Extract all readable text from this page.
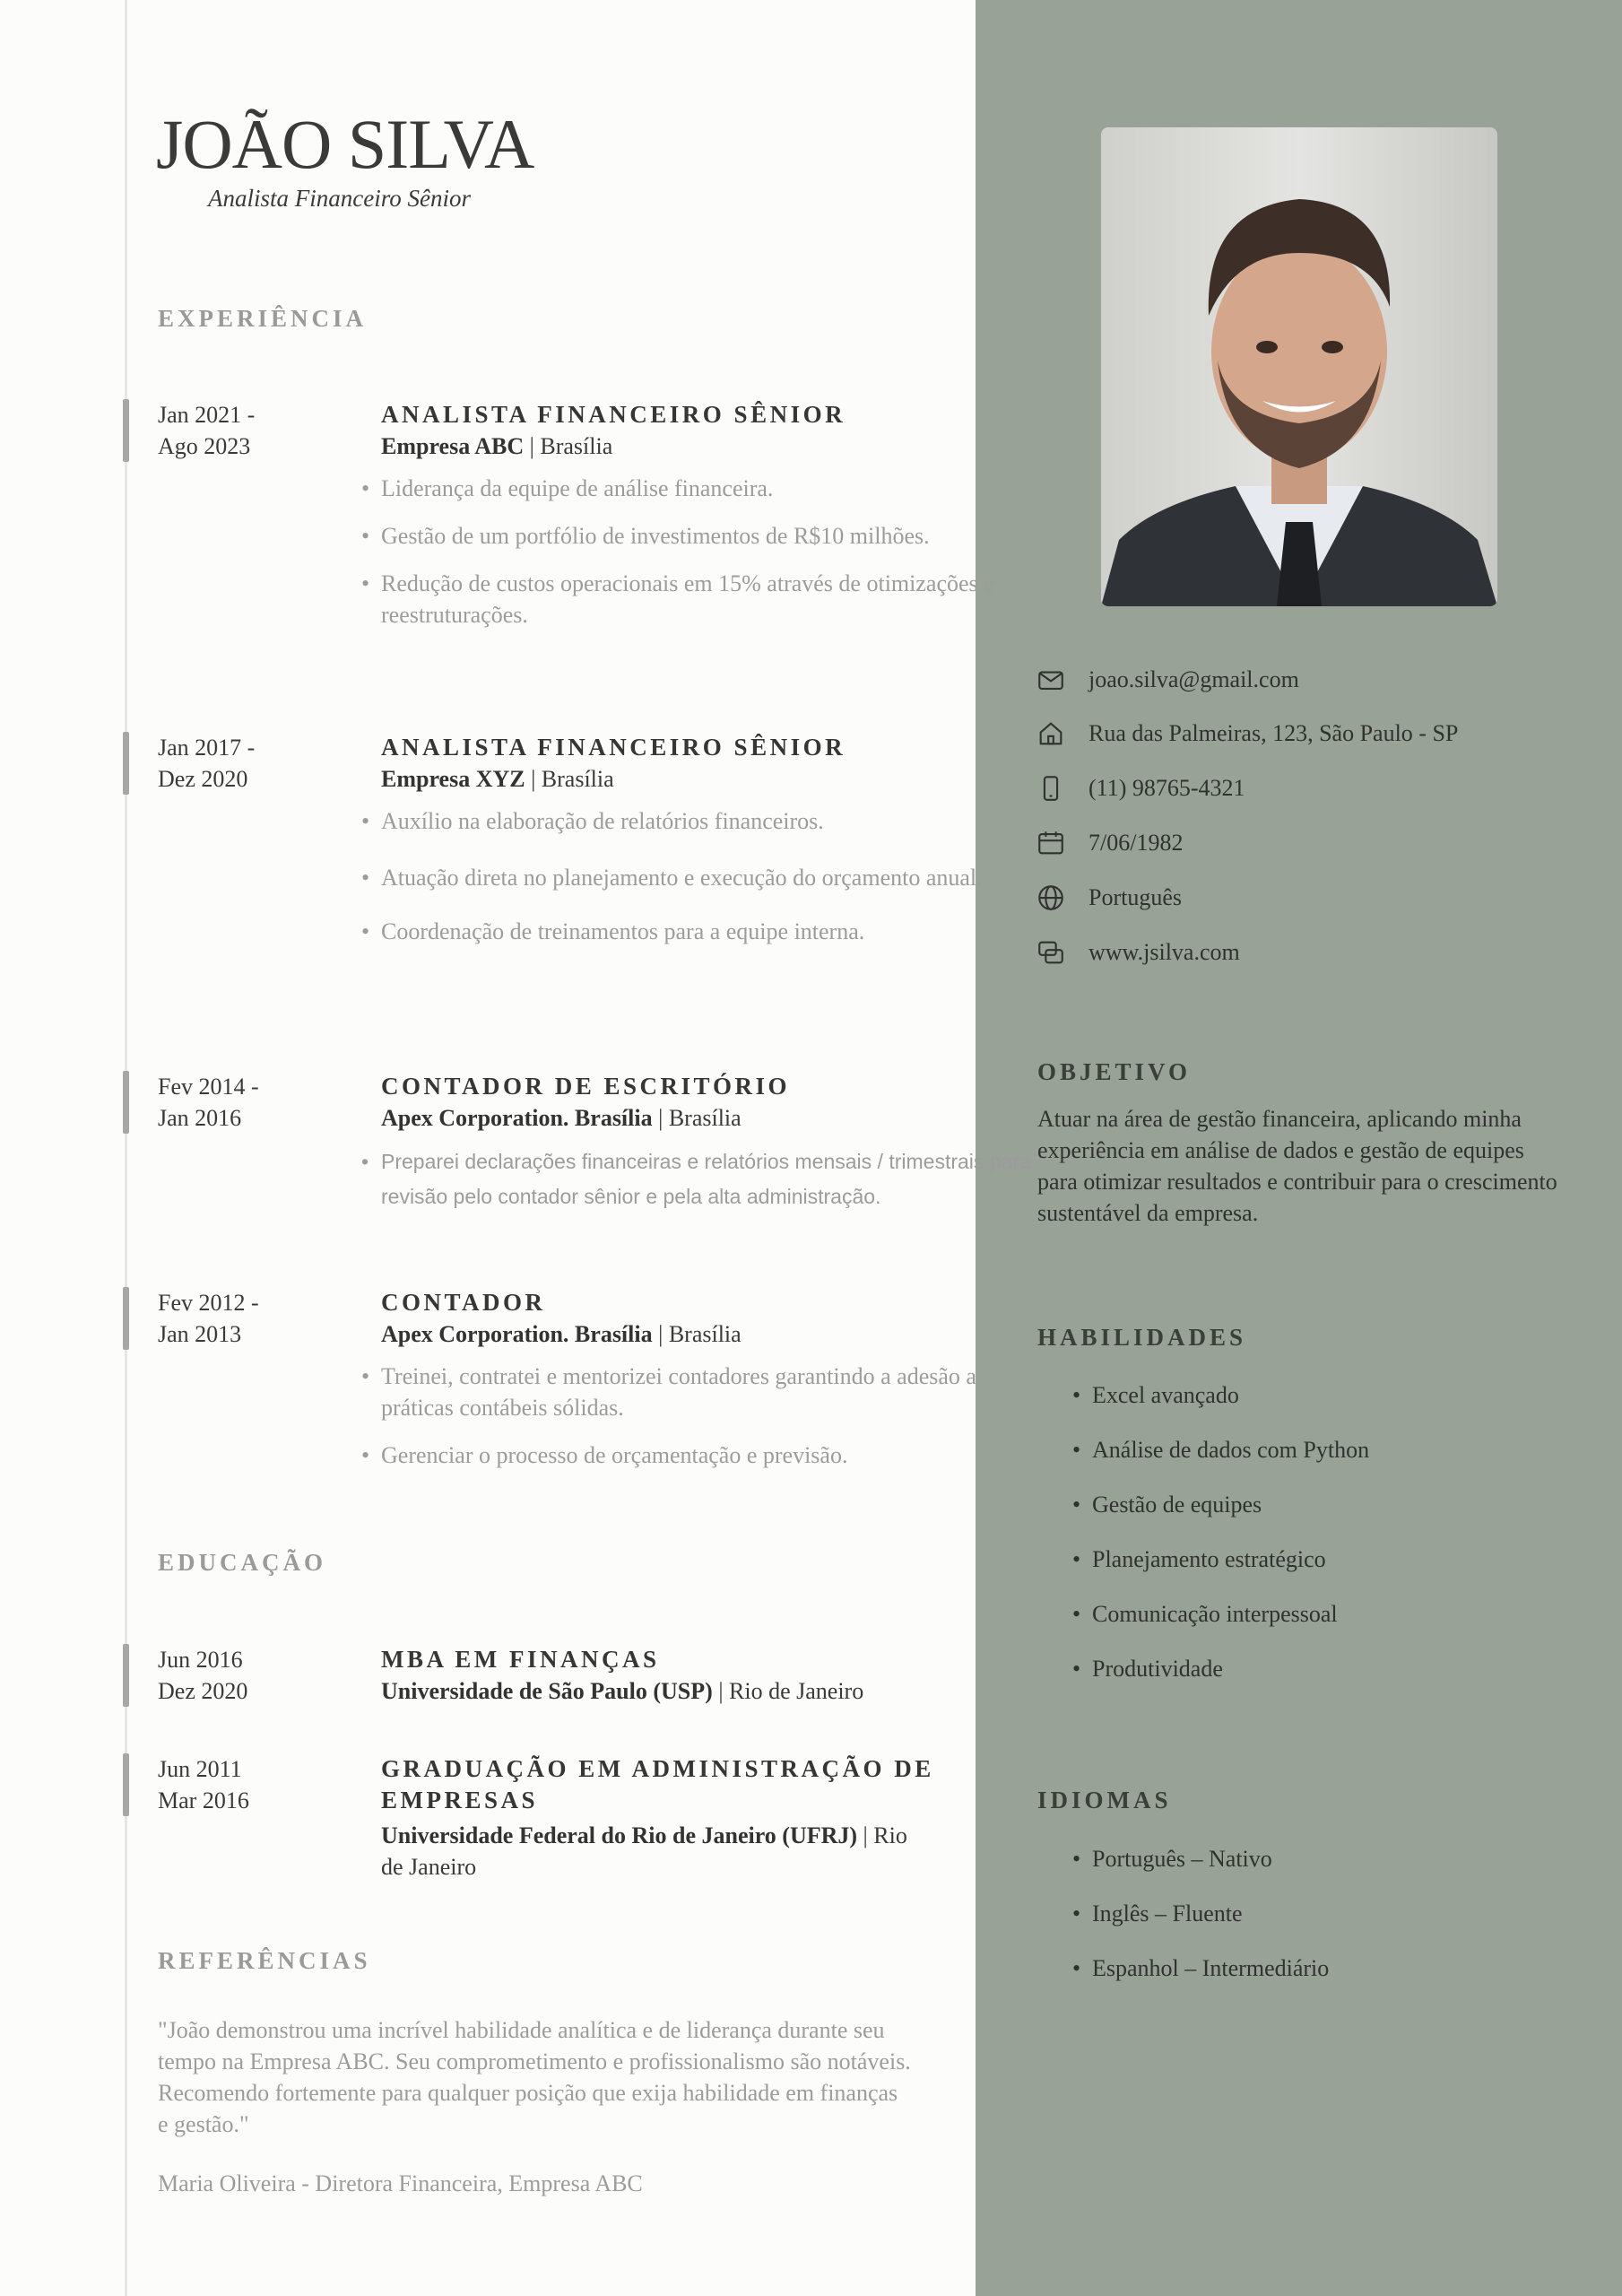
JOÃO SILVA

Analista Financeiro Sênior

EXPERIÊNCIA
Jan 2021 -
Ago 2023
ANALISTA FINANCEIRO SÊNIOR
Empresa ABC | Brasília
• Liderança da equipe de análise financeira.
• Gestão de um portfólio de investimentos de R$10 milhões.
• Redução de custos operacionais em 15% através de otimizações e reestruturações.
Jan 2017 -
Dez 2020
ANALISTA FINANCEIRO SÊNIOR
Empresa XYZ | Brasília
• Auxílio na elaboração de relatórios financeiros.
• Atuação direta no planejamento e execução do orçamento anual.
• Coordenação de treinamentos para a equipe interna.
Fev 2014 -
Jan 2016
CONTADOR DE ESCRITÓRIO
Apex Corporation. Brasília | Brasília
• Preparei declarações financeiras e relatórios mensais / trimestrais para revisão pelo contador sênior e pela alta administração.
Fev 2012 -
Jan 2013
CONTADOR
Apex Corporation. Brasília | Brasília
• Treinei, contratei e mentorizei contadores garantindo a adesão a práticas contábeis sólidas.
• Gerenciar o processo de orçamentação e previsão.
EDUCAÇÃO
Jun 2016
Dez 2020
MBA EM FINANÇAS
Universidade de São Paulo (USP) | Rio de Janeiro
Jun 2011
Mar 2016
GRADUAÇÃO EM ADMINISTRAÇÃO DE EMPRESAS
Universidade Federal do Rio de Janeiro (UFRJ) | Rio de Janeiro
REFERÊNCIAS

"João demonstrou uma incrível habilidade analítica e de liderança durante seu tempo na Empresa ABC. Seu comprometimento e profissionalismo são notáveis. Recomendo fortemente para qualquer posição que exija habilidade em finanças e gestão."

Maria Oliveira - Diretora Financeira, Empresa ABC

joao.silva@gmail.com
Rua das Palmeiras, 123, São Paulo - SP
(11) 98765-4321
7/06/1982
Português
www.jsilva.com
OBJETIVO

Atuar na área de gestão financeira, aplicando minha experiência em análise de dados e gestão de equipes para otimizar resultados e contribuir para o crescimento sustentável da empresa.

HABILIDADES
• Excel avançado
• Análise de dados com Python
• Gestão de equipes
• Planejamento estratégico
• Comunicação interpessoal
• Produtividade
IDIOMAS
• Português – Nativo
• Inglês – Fluente
• Espanhol – Intermediário
